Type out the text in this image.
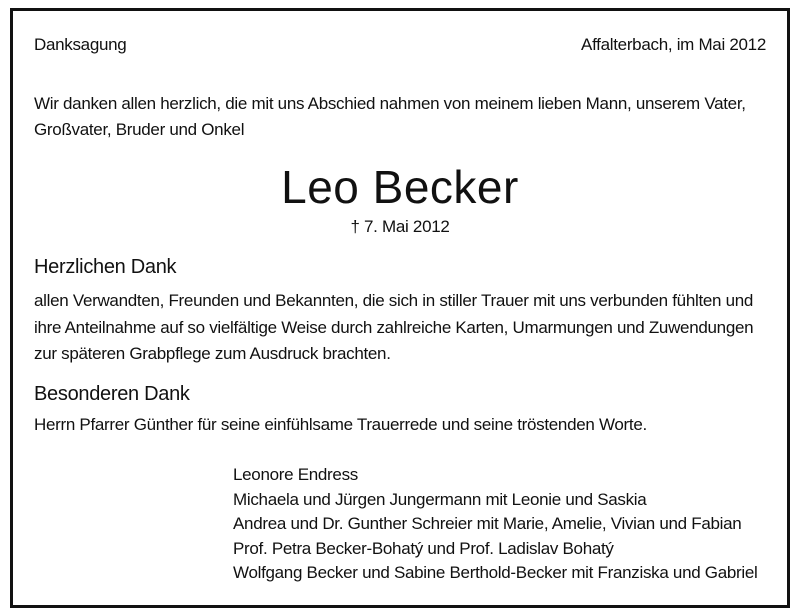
Danksagung	Affalterbach, im Mai 2012
Wir danken allen herzlich, die mit uns Abschied nahmen von meinem lieben Mann, unserem Vater,
Großvater, Bruder und Onkel
Leo Becker
† 7. Mai 2012
Herzlichen Dank
allen Verwandten, Freunden und Bekannten, die sich in stiller Trauer mit uns verbunden fühlten und
ihre Anteilnahme auf so vielfältige Weise durch zahlreiche Karten, Umarmungen und Zuwendungen
zur späteren Grabpflege zum Ausdruck brachten.
Besonderen Dank
Herrn Pfarrer Günther für seine einfühlsame Trauerrede und seine tröstenden Worte.
Leonore Endress
Michaela und Jürgen Jungermann mit Leonie und Saskia
Andrea und Dr. Gunther Schreier mit Marie, Amelie, Vivian und Fabian
Prof. Petra Becker-Bohatý und Prof. Ladislav Bohatý
Wolfgang Becker und Sabine Berthold-Becker mit Franziska und Gabriel
